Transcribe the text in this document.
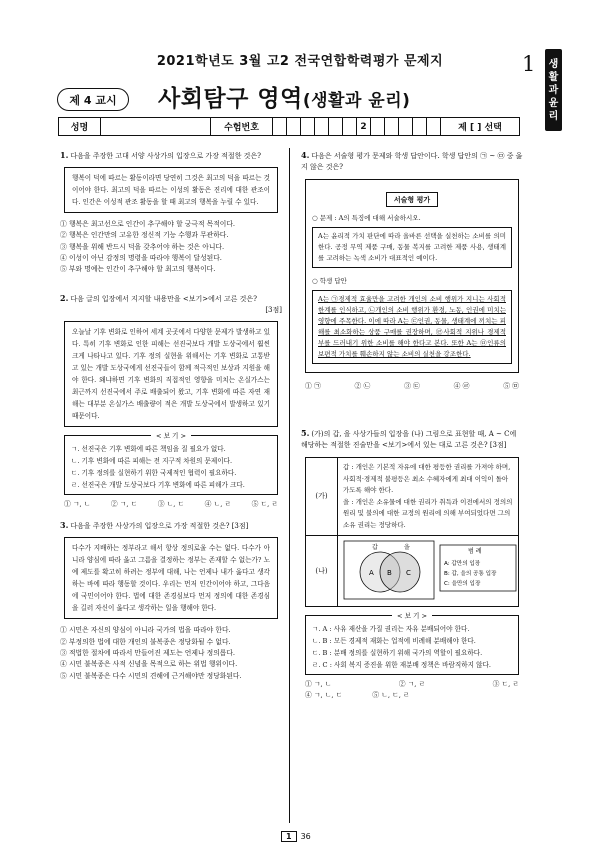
2021학년도 3월 고2 전국연합학력평가 문제지	1 생
활
과
윤
리
제 4 교시	사회탐구 영역(생활과 윤리)
성명	수험번호	2	제 [ ] 선택
1. 다음을 주장한 고대 서양 사상가의 입장으로 가장 적절한 것은?
행복이 덕에 따르는 활동이라면 당연히 그것은 최고의 덕을 따르는 것이어야 한다. 최고의 덕을 따르는 이성의 활동은 진리에 대한 관조이다. 인간은 이성적 관조 활동을 할 때 최고의 행복을 누릴 수 있다.
① 행복은 최고선으로 인간이 추구해야 할 궁극적 목적이다.
② 행복은 인간만의 고유한 정신적 기능 수행과 무관하다.
③ 행복을 위해 반드시 덕을 갖추어야 하는 것은 아니다.
④ 이성이 아닌 감정의 명령을 따라야 행복이 달성된다.
⑤ 부와 명예는 인간이 추구해야 할 최고의 행복이다.
2. 다음 글의 입장에서 지지할 내용만을 <보기>에서 고른 것은?
[3점]
오늘날 기후 변화로 인하여 세계 곳곳에서 다양한 문제가 발생하고 있다. 특히 기후 변화로 인한 피해는 선진국보다 개발 도상국에서 훨씬 크게 나타나고 있다. 기후 정의 실현을 위해서는 기후 변화로 고통받고 있는 개발 도상국에게 선진국들이 함께 적극적인 보상과 지원을 해야 한다. 왜냐하면 기후 변화의 직접적인 영향을 미치는 온실가스는 최근까지 선진국에서 주로 배출되어 왔고, 기후 변화에 따른 자연 재해는 대부분 온실가스 배출량이 적은 개발 도상국에서 발생하고 있기 때문이다.
< 보 기 >
ㄱ. 선진국은 기후 변화에 따른 책임을 질 필요가 없다.
ㄴ. 기후 변화에 따른 피해는 전 지구적 차원의 문제이다.
ㄷ. 기후 정의를 실현하기 위한 국제적인 협력이 필요하다.
ㄹ. 선진국은 개발 도상국보다 기후 변화에 따른 피해가 크다.
① ㄱ, ㄴ	② ㄱ, ㄷ	③ ㄴ, ㄷ	④ ㄴ, ㄹ	⑤ ㄷ, ㄹ
3. 다음을 주장한 사상가의 입장으로 가장 적절한 것은? [3점]
다수가 지배하는 정부라고 해서 항상 정의로울 수는 없다. 다수가 아니라 양심에 따라 옳고 그름을 결정하는 정부는 존재할 수 없는가? 노예 제도를 확고히 하려는 정부에 대해, 나는 언제나 내가 옳다고 생각하는 바에 따라 행동할 것이다. 우리는 먼저 인간이어야 하고, 그다음에 국민이어야 한다. 법에 대한 존경심보다 먼저 정의에 대한 존경심을 길러 자신이 옳다고 생각하는 일을 행해야 한다.
① 시민은 자신의 양심이 아니라 국가의 법을 따라야 한다.
② 부정의한 법에 대한 개인의 불복종은 정당화될 수 없다.
③ 적법한 절차에 따라서 만들어진 제도는 언제나 정의롭다.
④ 시민 불복종은 사적 신념을 목적으로 하는 위법 행위이다.
⑤ 시민 불복종은 다수 시민의 견해에 근거해야만 정당화된다.
4. 다음은 서술형 평가 문제와 학생 답안이다. 학생 답안의 ㉠ ~ ㉤ 중 옳지 않은 것은?
서술형 평가
○ 문제 : A의 특징에 대해 서술하시오.
A는 윤리적 가치 판단에 따라 올바른 선택을 실천하는 소비를 의미한다. 공정 무역 제품 구매, 동물 복지를 고려한 제품 사용, 생태계를 고려하는 녹색 소비가 대표적인 예이다.
○ 학생 답안
A는 ㉠경제적 효율만을 고려한 개인의 소비 행위가 지니는 사회적 한계를 인식하고, ㉡개인의 소비 행위가 환경, 노동, 인권에 미치는 영향에 주목한다. 이에 따라 A는 ㉢인권, 동물, 생태계에 끼치는 피해를 최소화하는 상품 구매를 권장하며, ㉣사회적 지위나 경제적 부를 드러내기 위한 소비를 해야 한다고 본다. 또한 A는 ㉤인류의 보편적 가치를 훼손하지 않는 소비의 실천을 강조한다.
① ㉠	② ㉡	③ ㉢	④ ㉣	⑤ ㉤
5. (가)의 갑, 을 사상가들의 입장을 (나) 그림으로 표현할 때, A ~ C에 해당하는 적절한 진술만을 <보기>에서 있는 대로 고른 것은? [3점]
(가)
갑 : 개인은 기본적 자유에 대한 평등한 권리를 가져야 하며, 사회적·경제적 불평등은 최소 수혜자에게 최대 이익이 돌아가도록 해야 한다.
을 : 개인은 소유물에 대한 권리가 취득과 이전에서의 정의의 원리 및 불의에 대한 교정의 원리에 의해 부여되었다면 그의 소유 권리는 정당하다.
(나)
갑	을
A B C
범 례
A: 갑만의 입장
B: 갑, 을의 공통 입장
C: 을만의 입장
< 보 기 >
ㄱ. A : 사유 재산을 가질 권리는 자유 분배되어야 한다.
ㄴ. B : 모든 경제적 재화는 업적에 비례해 분배해야 한다.
ㄷ. B : 분배 정의를 실현하기 위해 국가의 역할이 필요하다.
ㄹ. C : 사회 복지 증진을 위한 재분배 정책은 바람직하지 않다.
① ㄱ, ㄴ	② ㄱ, ㄹ	③ ㄷ, ㄹ
④ ㄱ, ㄴ, ㄷ	⑤ ㄴ, ㄷ, ㄹ
1	36
